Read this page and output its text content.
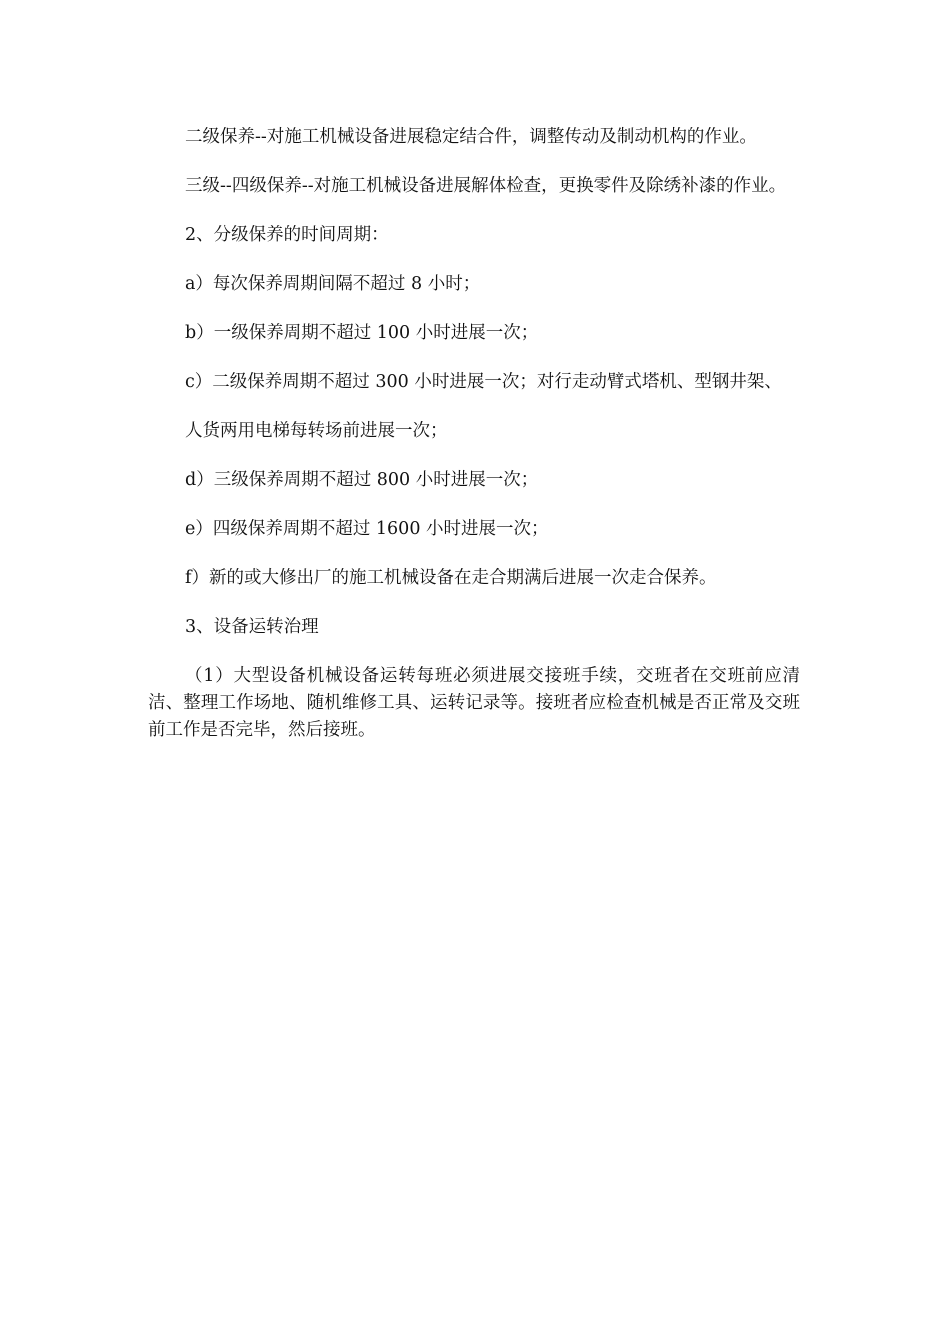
二级保养--对施工机械设备进展稳定结合件，调整传动及制动机构的作业。

三级--四级保养--对施工机械设备进展解体检查，更换零件及除绣补漆的作业。

2、分级保养的时间周期：

a）每次保养周期间隔不超过 8 小时；

b）一级保养周期不超过 100 小时进展一次；

c）二级保养周期不超过 300 小时进展一次；对行走动臂式塔机、型钢井架、

人货两用电梯每转场前进展一次；

d）三级保养周期不超过 800 小时进展一次；

e）四级保养周期不超过 1600 小时进展一次；

f）新的或大修出厂的施工机械设备在走合期满后进展一次走合保养。

3、设备运转治理

（1）大型设备机械设备运转每班必须进展交接班手续，交班者在交班前应清洁、整理工作场地、随机维修工具、运转记录等。接班者应检查机械是否正常及交班前工作是否完毕，然后接班。
